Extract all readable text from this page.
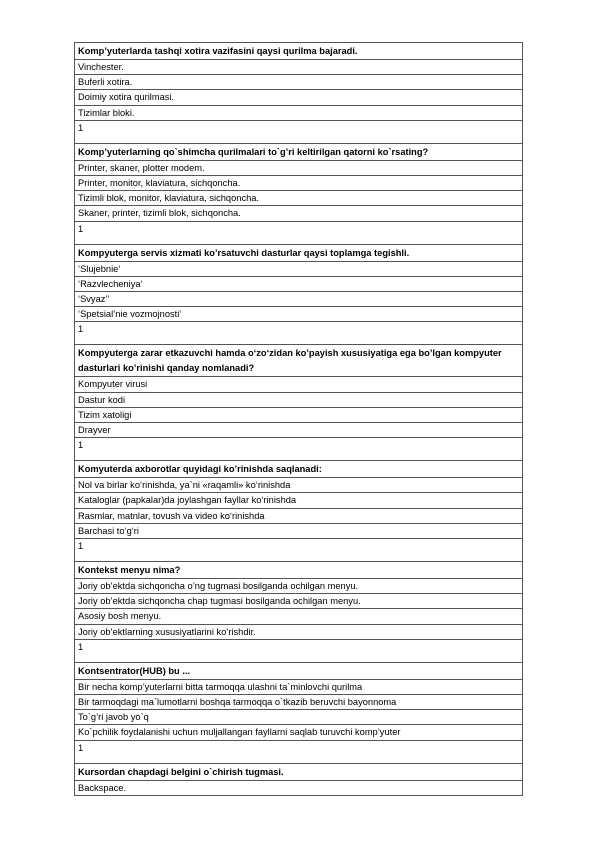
Komp’yuterlarda tashqi xotira vazifasini qaysi qurilma bajaradi.
Vinchester.
Buferli xotira.
Doimiy xotira qurilmasi.
Tizimlar bloki.
1
Komp’yuterlarning qo`shimcha qurilmalari to`g’ri keltirilgan qatorni ko`rsating?
Printer, skaner, plotter modem.
Printer, monitor, klaviatura, sichqoncha.
Tizimli blok, monitor, klaviatura, sichqoncha.
Skaner, printer, tizimli blok, sichqoncha.
1
Kompyuterga servis xizmati ko’rsatuvchi dasturlar qaysi toplamga tegishli.
‘Slujebnie‘
‘Razvlecheniya‘
‘Svyaz’‘
‘Spetsial’nie vozmojnosti‘
1
Kompyuterga zarar etkazuvchi hamda o‘zo‘zidan ko’payish xususiyatiga ega bo’lgan kompyuter dasturlari ko’rinishi qanday nomlanadi?
Kompyuter virusi
Dastur kodi
Tizim xatoligi
Drayver
1
Komyuterda axborotlar quyidagi ko’rinishda saqlanadi:
Nol va birlar ko‘rinishda, ya`ni «raqamli» ko‘rinishda
Kataloglar (papkalar)da joylashgan fayllar ko‘rinishda
Rasmlar, matnlar, tovush va video ko‘rinishda
Barchasi to‘g‘ri
1
Kontekst menyu nima?
Joriy ob’ektda sichqoncha o’ng tugmasi bosilganda ochilgan menyu.
Joriy ob’ektda sichqoncha chap tugmasi bosilganda ochilgan menyu.
Asosiy bosh menyu.
Joriy ob’ektlarning xususiyatlarini ko’rishdir.
1
Kontsentrator(HUB) bu ...
Bir necha komp’yuterlarni bitta tarmoqqa ulashni ta`minlovchi qurilma
Bir tarmoqdagi ma`lumotlarni boshqa tarmoqqa o`tkazib beruvchi bayonnoma
To`g’ri javob yo`q
Ko`pchilik foydalanishi uchun muljallangan fayllarni saqlab turuvchi komp’yuter
1
Kursordan chapdagi belgini o`chirish tugmasi.
Backspace.
